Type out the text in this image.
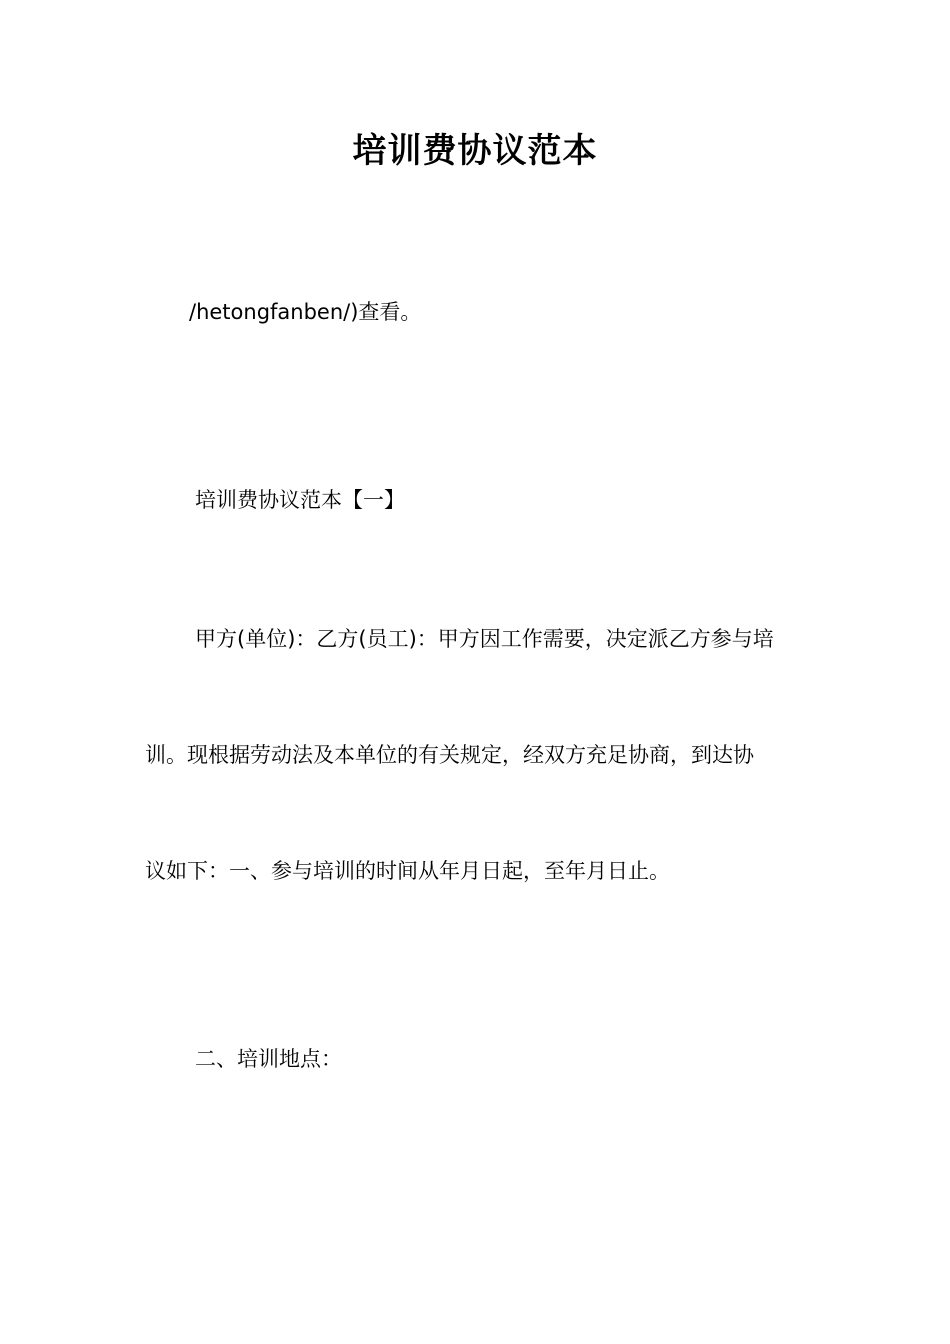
培训费协议范本
/hetongfanben/)查看。
培训费协议范本【一】
甲方(单位)：乙方(员工)：甲方因工作需要，决定派乙方参与培
训。现根据劳动法及本单位的有关规定，经双方充足协商，到达协
议如下：一、参与培训的时间从年月日起，至年月日止。
二、培训地点：
